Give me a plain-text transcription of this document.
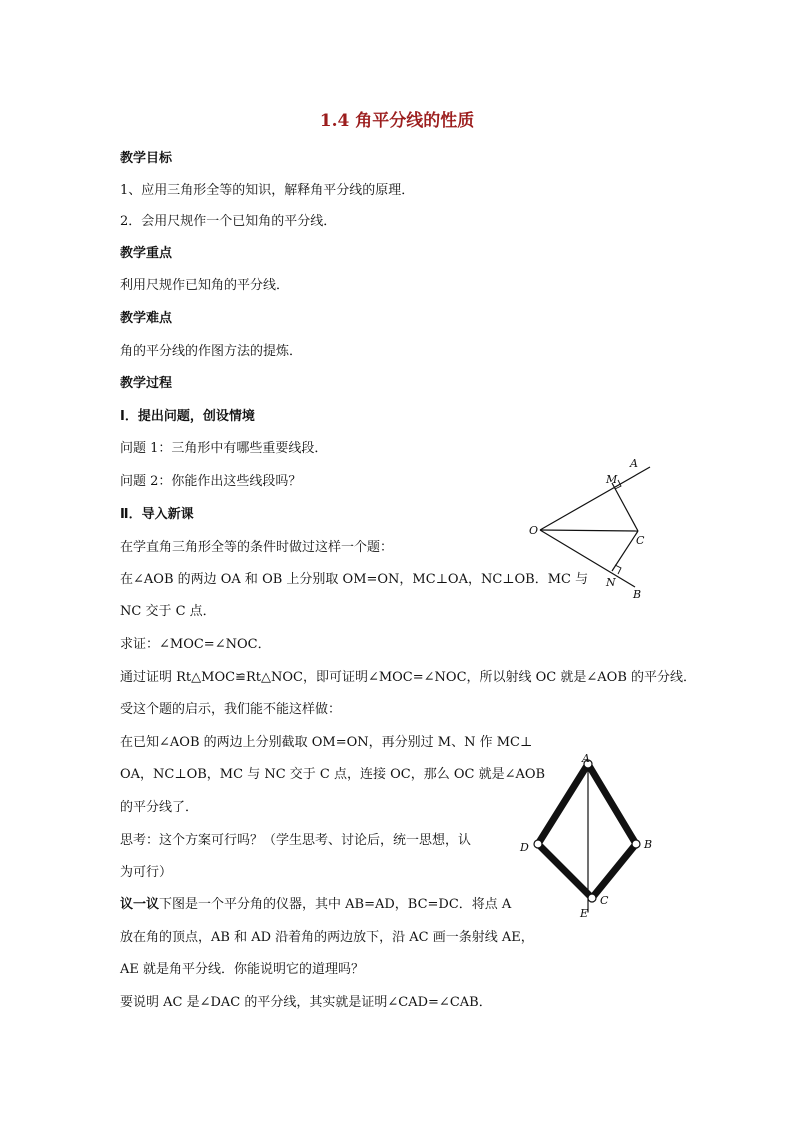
1.4 角平分线的性质
教学目标
1、应用三角形全等的知识，解释角平分线的原理．
2．会用尺规作一个已知角的平分线．
教学重点
利用尺规作已知角的平分线．
教学难点
角的平分线的作图方法的提炼．
教学过程
Ⅰ．提出问题，创设情境
问题 1：三角形中有哪些重要线段．
问题 2：你能作出这些线段吗？
Ⅱ．导入新课
在学直角三角形全等的条件时做过这样一个题：
在∠AOB 的两边 OA 和 OB 上分别取 OM=ON，MC⊥OA，NC⊥OB．MC 与
NC 交于 C 点．
求证：∠MOC=∠NOC．
通过证明 Rt△MOC≌Rt△NOC，即可证明∠MOC=∠NOC，所以射线 OC 就是∠AOB 的平分线．
受这个题的启示，我们能不能这样做：
在已知∠AOB 的两边上分别截取 OM=ON，再分别过 M、N 作 MC⊥
OA，NC⊥OB，MC 与 NC 交于 C 点，连接 OC，那么 OC 就是∠AOB
的平分线了．
思考：这个方案可行吗？（学生思考、讨论后，统一思想，认
为可行）
议一议下图是一个平分角的仪器，其中 AB=AD，BC=DC．将点 A
放在角的顶点，AB 和 AD 沿着角的两边放下，沿 AC 画一条射线 AE，
AE 就是角平分线．你能说明它的道理吗？
要说明 AC 是∠DAC 的平分线，其实就是证明∠CAD=∠CAB．
A
M
O
C
N
B
A
B
C
D
E
